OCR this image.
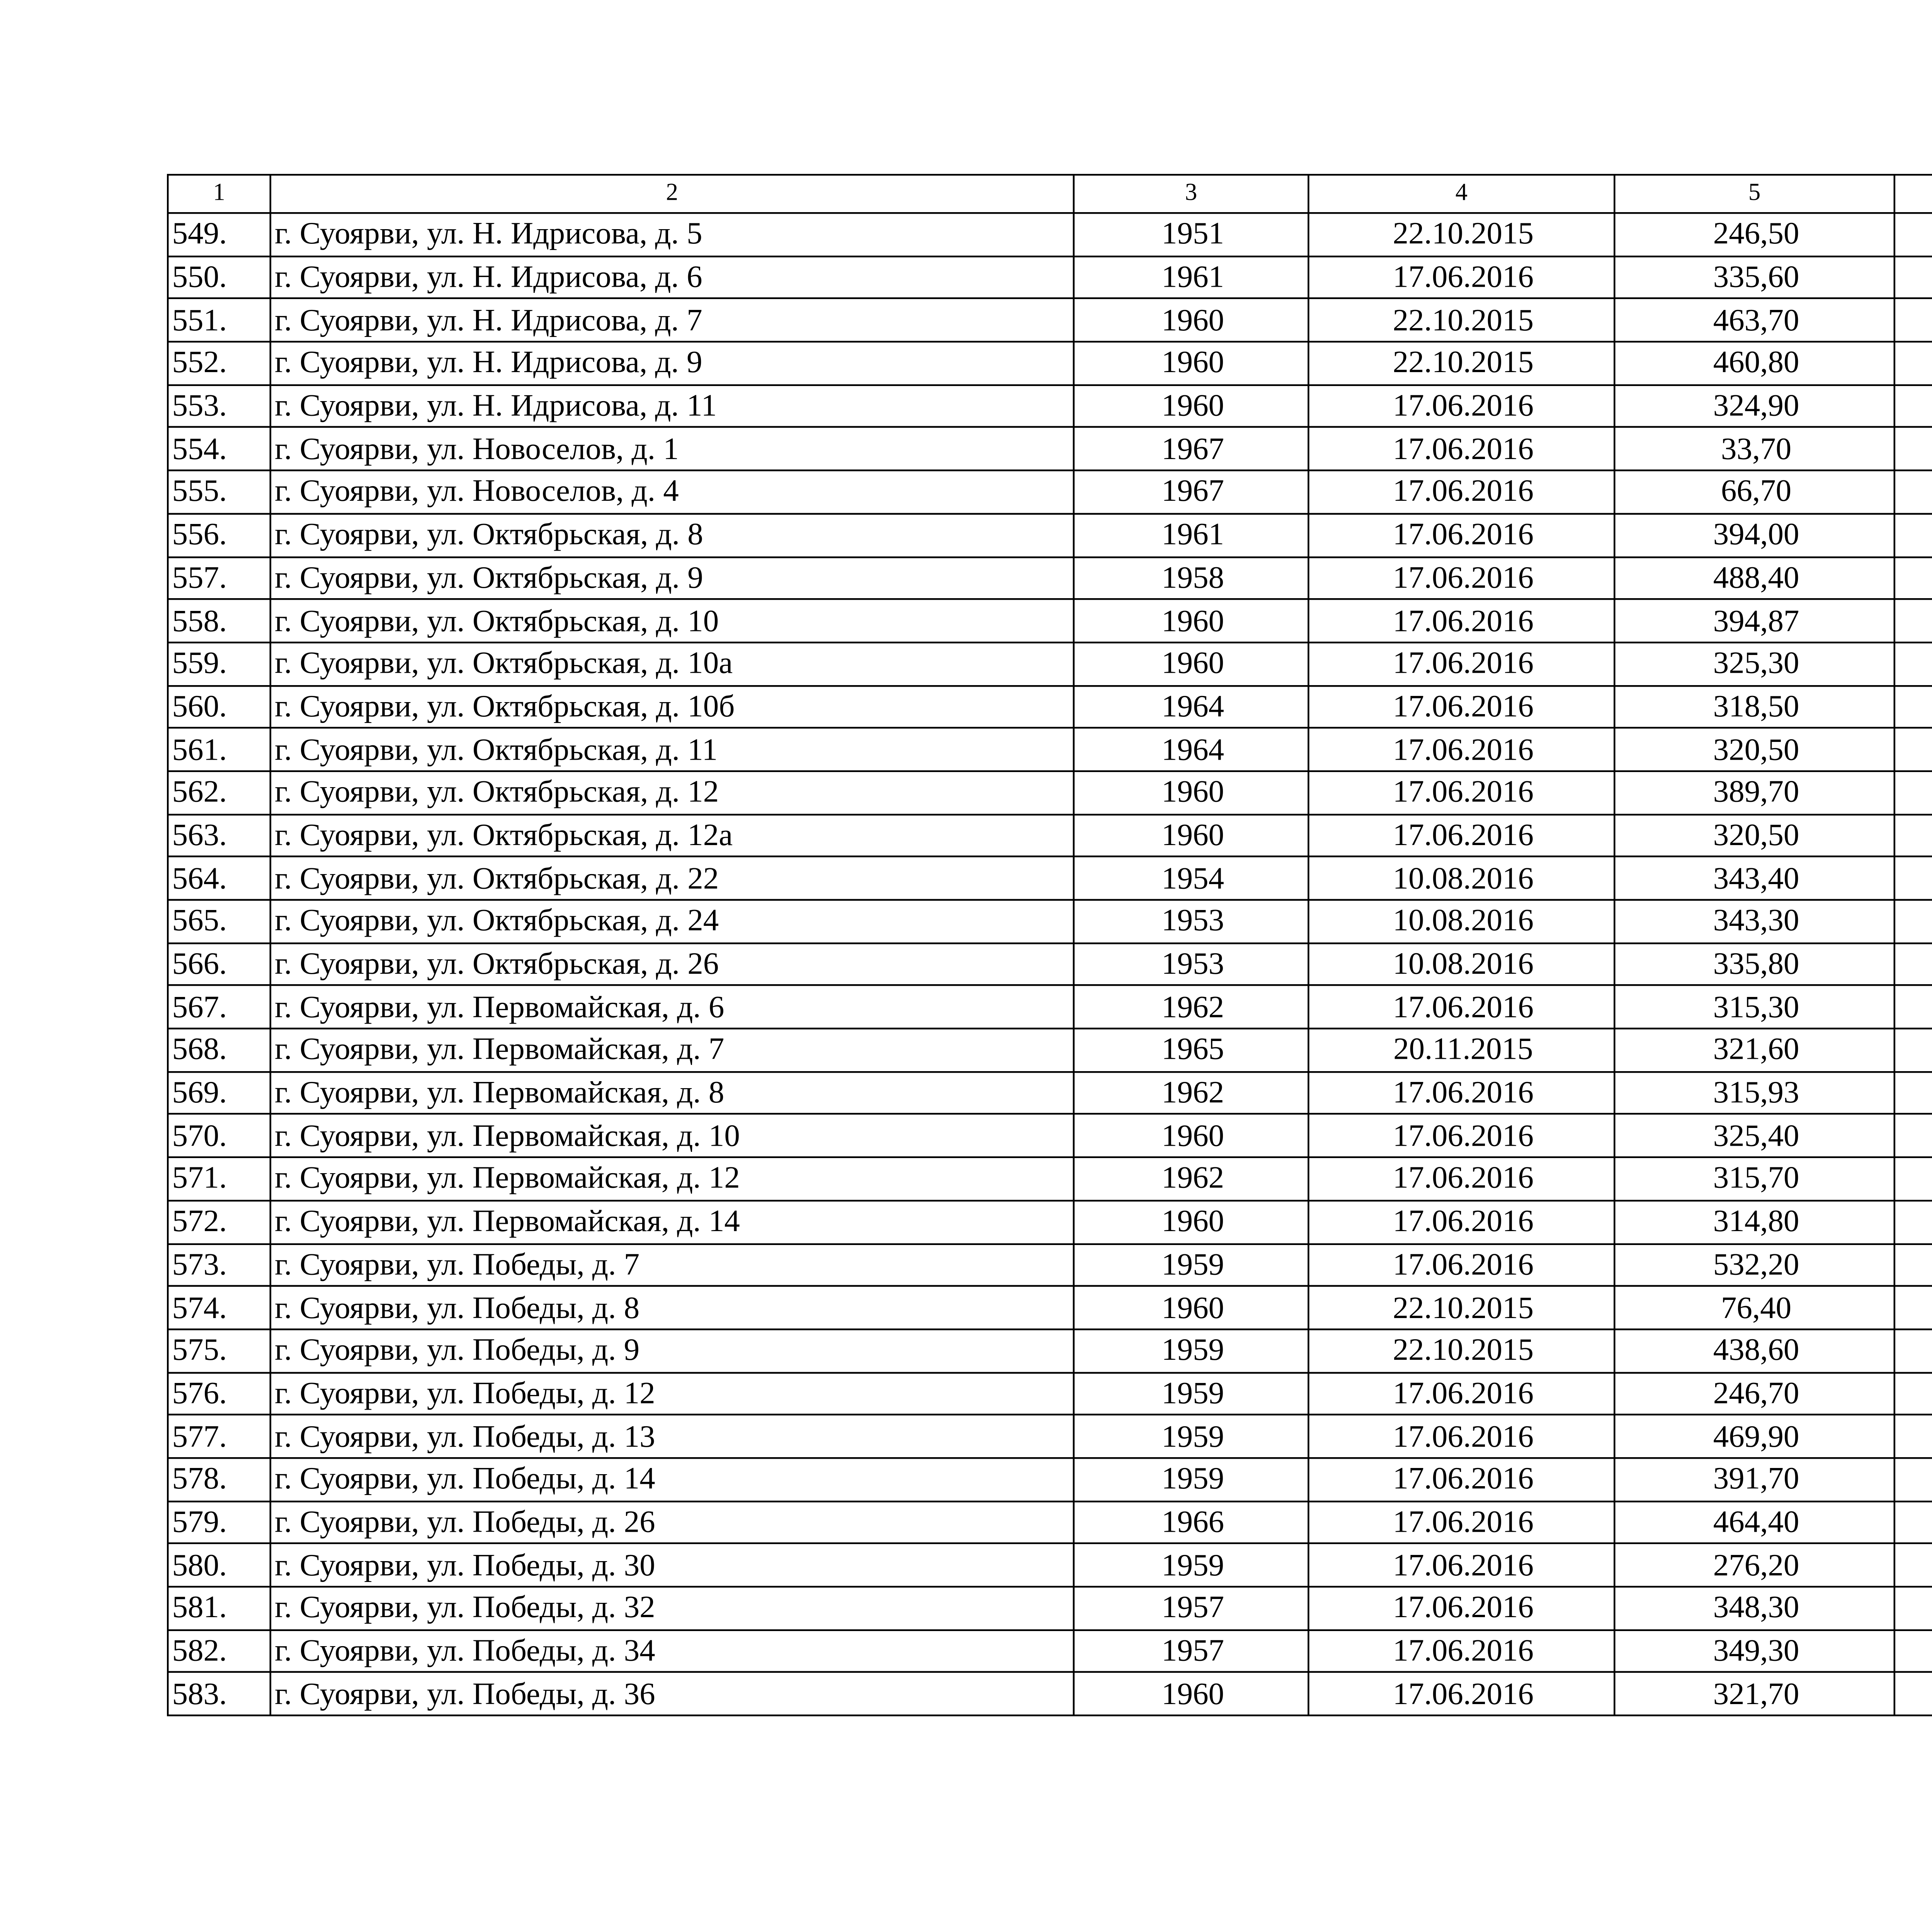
1	2	3	4	5		
549.	г. Суоярви, ул. Н. Идрисова, д. 5	1951	22.10.2015	246,50		
550.	г. Суоярви, ул. Н. Идрисова, д. 6	1961	17.06.2016	335,60		
551.	г. Суоярви, ул. Н. Идрисова, д. 7	1960	22.10.2015	463,70		
552.	г. Суоярви, ул. Н. Идрисова, д. 9	1960	22.10.2015	460,80		
553.	г. Суоярви, ул. Н. Идрисова, д. 11	1960	17.06.2016	324,90		
554.	г. Суоярви, ул. Новоселов, д. 1	1967	17.06.2016	33,70		
555.	г. Суоярви, ул. Новоселов, д. 4	1967	17.06.2016	66,70		
556.	г. Суоярви, ул. Октябрьская, д. 8	1961	17.06.2016	394,00		
557.	г. Суоярви, ул. Октябрьская, д. 9	1958	17.06.2016	488,40		
558.	г. Суоярви, ул. Октябрьская, д. 10	1960	17.06.2016	394,87		
559.	г. Суоярви, ул. Октябрьская, д. 10а	1960	17.06.2016	325,30		
560.	г. Суоярви, ул. Октябрьская, д. 10б	1964	17.06.2016	318,50		
561.	г. Суоярви, ул. Октябрьская, д. 11	1964	17.06.2016	320,50		
562.	г. Суоярви, ул. Октябрьская, д. 12	1960	17.06.2016	389,70		
563.	г. Суоярви, ул. Октябрьская, д. 12а	1960	17.06.2016	320,50		
564.	г. Суоярви, ул. Октябрьская, д. 22	1954	10.08.2016	343,40		
565.	г. Суоярви, ул. Октябрьская, д. 24	1953	10.08.2016	343,30		
566.	г. Суоярви, ул. Октябрьская, д. 26	1953	10.08.2016	335,80		
567.	г. Суоярви, ул. Первомайская, д. 6	1962	17.06.2016	315,30		
568.	г. Суоярви, ул. Первомайская, д. 7	1965	20.11.2015	321,60		
569.	г. Суоярви, ул. Первомайская, д. 8	1962	17.06.2016	315,93		
570.	г. Суоярви, ул. Первомайская, д. 10	1960	17.06.2016	325,40		
571.	г. Суоярви, ул. Первомайская, д. 12	1962	17.06.2016	315,70		
572.	г. Суоярви, ул. Первомайская, д. 14	1960	17.06.2016	314,80		
573.	г. Суоярви, ул. Победы, д. 7	1959	17.06.2016	532,20		
574.	г. Суоярви, ул. Победы, д. 8	1960	22.10.2015	76,40		
575.	г. Суоярви, ул. Победы, д. 9	1959	22.10.2015	438,60		
576.	г. Суоярви, ул. Победы, д. 12	1959	17.06.2016	246,70		
577.	г. Суоярви, ул. Победы, д. 13	1959	17.06.2016	469,90		
578.	г. Суоярви, ул. Победы, д. 14	1959	17.06.2016	391,70		
579.	г. Суоярви, ул. Победы, д. 26	1966	17.06.2016	464,40		
580.	г. Суоярви, ул. Победы, д. 30	1959	17.06.2016	276,20		
581.	г. Суоярви, ул. Победы, д. 32	1957	17.06.2016	348,30		
582.	г. Суоярви, ул. Победы, д. 34	1957	17.06.2016	349,30		
583.	г. Суоярви, ул. Победы, д. 36	1960	17.06.2016	321,70		
